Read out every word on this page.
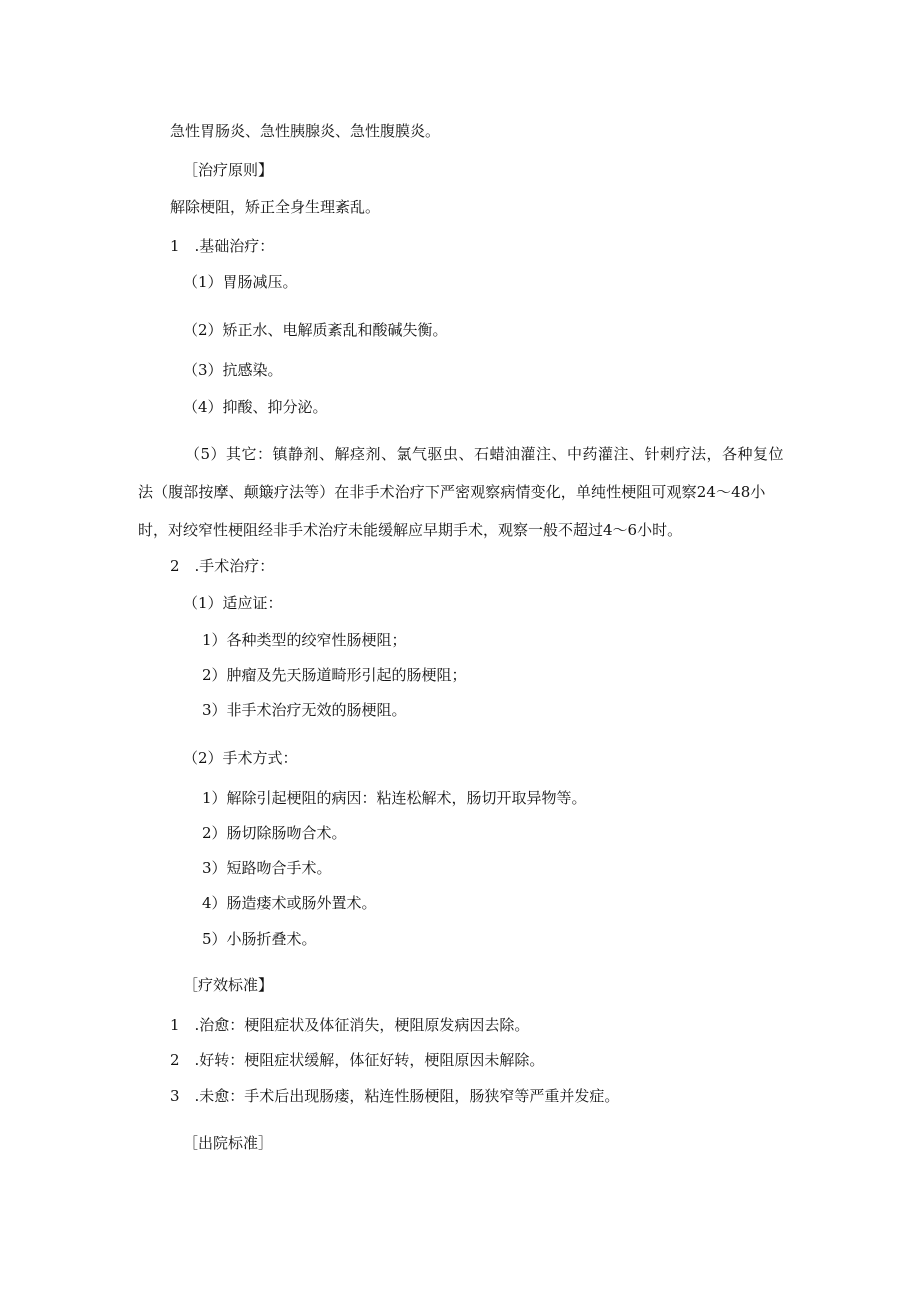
急性胃肠炎、急性胰腺炎、急性腹膜炎。
［治疗原则】
解除梗阻，矫正全身生理紊乱。
1　.基础治疗：
（1）胃肠减压。
（2）矫正水、电解质紊乱和酸碱失衡。
（3）抗感染。
（4）抑酸、抑分泌。
（5）其它：镇静剂、解痉剂、氯气驱虫、石蜡油灌注、中药灌注、针刺疗法，各种复位
法（腹部按摩、颠簸疗法等）在非手术治疗下严密观察病情变化，单纯性梗阻可观察24～48小
时，对绞窄性梗阻经非手术治疗未能缓解应早期手术，观察一般不超过4～6小时。
2　.手术治疗：
（1）适应证：
1）各种类型的绞窄性肠梗阻；
2）肿瘤及先天肠道畸形引起的肠梗阻；
3）非手术治疗无效的肠梗阻。
（2）手术方式：
1）解除引起梗阻的病因：粘连松解术，肠切开取异物等。
2）肠切除肠吻合术。
3）短路吻合手术。
4）肠造瘘术或肠外置术。
5）小肠折叠术。
［疗效标准】
1　.治愈：梗阻症状及体征消失，梗阻原发病因去除。
2　.好转：梗阻症状缓解，体征好转，梗阻原因未解除。
3　.未愈：手术后出现肠瘘，粘连性肠梗阻，肠狭窄等严重并发症。
［出院标准］
